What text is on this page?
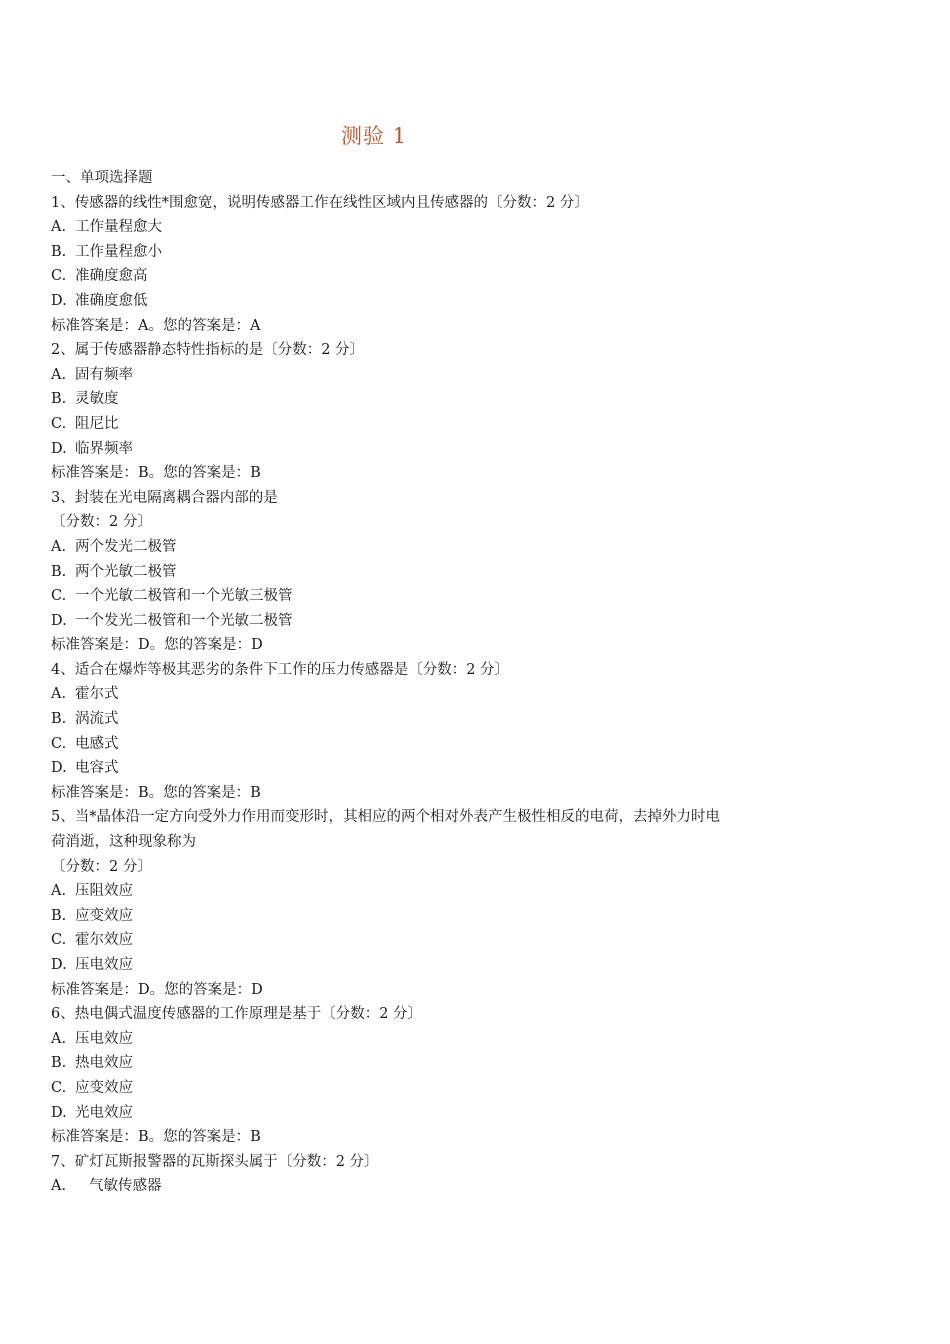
测验 1
一、单项选择题
1、传感器的线性*围愈宽，说明传感器工作在线性区域内且传感器的〔分数：2 分〕
A. 工作量程愈大
B. 工作量程愈小
C. 准确度愈高
D. 准确度愈低
标准答案是：A。您的答案是：A
2、属于传感器静态特性指标的是〔分数：2 分〕
A. 固有频率
B. 灵敏度
C. 阻尼比
D. 临界频率
标准答案是：B。您的答案是：B
3、封装在光电隔离耦合器内部的是
〔分数：2 分〕
A. 两个发光二极管
B. 两个光敏二极管
C. 一个光敏二极管和一个光敏三极管
D. 一个发光二极管和一个光敏二极管
标准答案是：D。您的答案是：D
4、适合在爆炸等极其恶劣的条件下工作的压力传感器是〔分数：2 分〕
A. 霍尔式
B. 涡流式
C. 电感式
D. 电容式
标准答案是：B。您的答案是：B
5、当*晶体沿一定方向受外力作用而变形时，其相应的两个相对外表产生极性相反的电荷，去掉外力时电
荷消逝，这种现象称为
〔分数：2 分〕
A. 压阻效应
B. 应变效应
C. 霍尔效应
D. 压电效应
标准答案是：D。您的答案是：D
6、热电偶式温度传感器的工作原理是基于〔分数：2 分〕
A. 压电效应
B. 热电效应
C. 应变效应
D. 光电效应
标准答案是：B。您的答案是：B
7、矿灯瓦斯报警器的瓦斯探头属于〔分数：2 分〕
A. 气敏传感器
